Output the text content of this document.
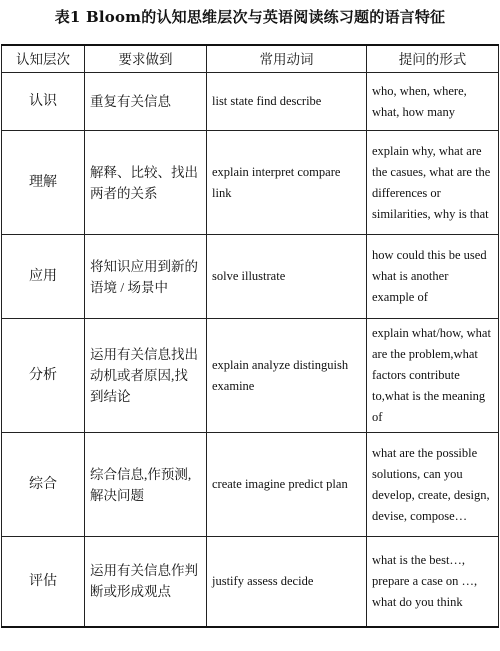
表1 Bloom的认知思维层次与英语阅读练习题的语言特征
认知层次	要求做到	常用动词	提问的形式
认识	重复有关信息	list state find describe	who, when, where, what, how many
理解	解释、比较、找出两者的关系	explain interpret compare link	explain why, what are the casues, what are the differences or similarities, why is that
应用	将知识应用到新的语境 / 场景中	solve illustrate	how could this be used what is another example of
分析	运用有关信息找出动机或者原因,找到结论	explain analyze distinguish examine	explain what/how, what are the problem,what factors contribute to,what is the meaning of
综合	综合信息,作预测,解决问题	create imagine predict plan	what are the possible solutions, can you develop, create, design, devise, compose…
评估	运用有关信息作判断或形成观点	justify assess decide	what is the best…, prepare a case on …, what do you think
